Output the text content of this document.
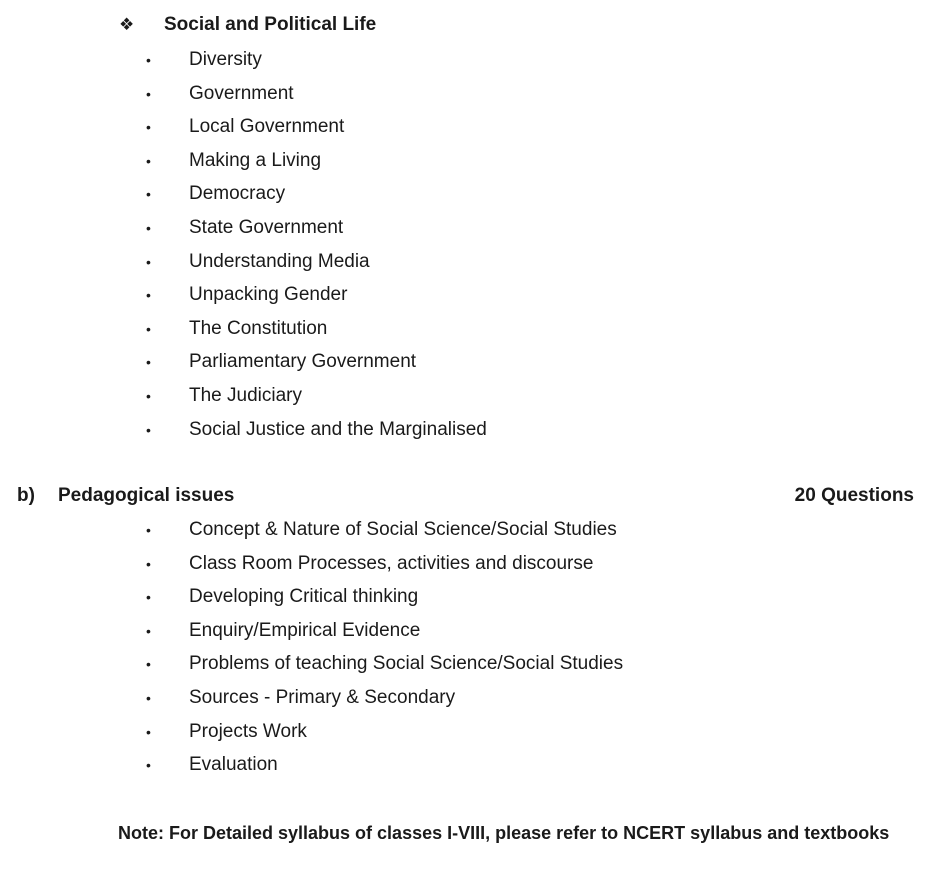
❖ Social and Political Life
• Diversity
• Government
• Local Government
• Making a Living
• Democracy
• State Government
• Understanding Media
• Unpacking Gender
• The Constitution
• Parliamentary Government
• The Judiciary
• Social Justice and the Marginalised
b) Pedagogical issues	20 Questions
• Concept & Nature of Social Science/Social Studies
• Class Room Processes, activities and discourse
• Developing Critical thinking
• Enquiry/Empirical Evidence
• Problems of teaching Social Science/Social Studies
• Sources - Primary & Secondary
• Projects Work
• Evaluation
Note: For Detailed syllabus of classes I-VIII, please refer to NCERT syllabus and textbooks
